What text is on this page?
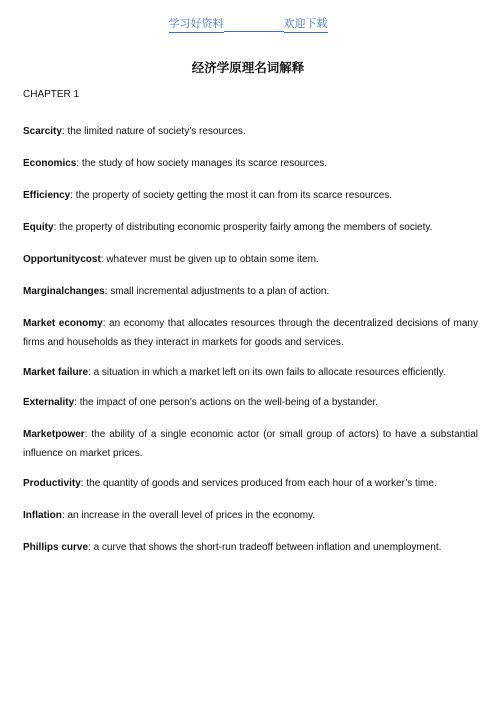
学习好资料	欢迎下载
经济学原理名词解释
CHAPTER 1

Scarcity: the limited nature of society’s resources.

Economics: the study of how society manages its scarce resources.

Efficiency: the property of society getting the most it can from its scarce resources.

Equity: the property of distributing economic prosperity fairly among the members of society.

Opportunitycost: whatever must be given up to obtain some item.

Marginalchanges: small incremental adjustments to a plan of action.

Market economy: an economy that allocates resources through the decentralized decisions of many firms and households as they interact in markets for goods and services.

Market failure: a situation in which a market left on its own fails to allocate resources efficiently.

Externality: the impact of one person’s actions on the well-being of a bystander.

Marketpower: the ability of a single economic actor (or small group of actors) to have a substantial influence on market prices.

Productivity: the quantity of goods and services produced from each hour of a worker’s time.

Inflation: an increase in the overall level of prices in the economy.

Phillips curve: a curve that shows the short-run tradeoff between inflation and unemployment.
